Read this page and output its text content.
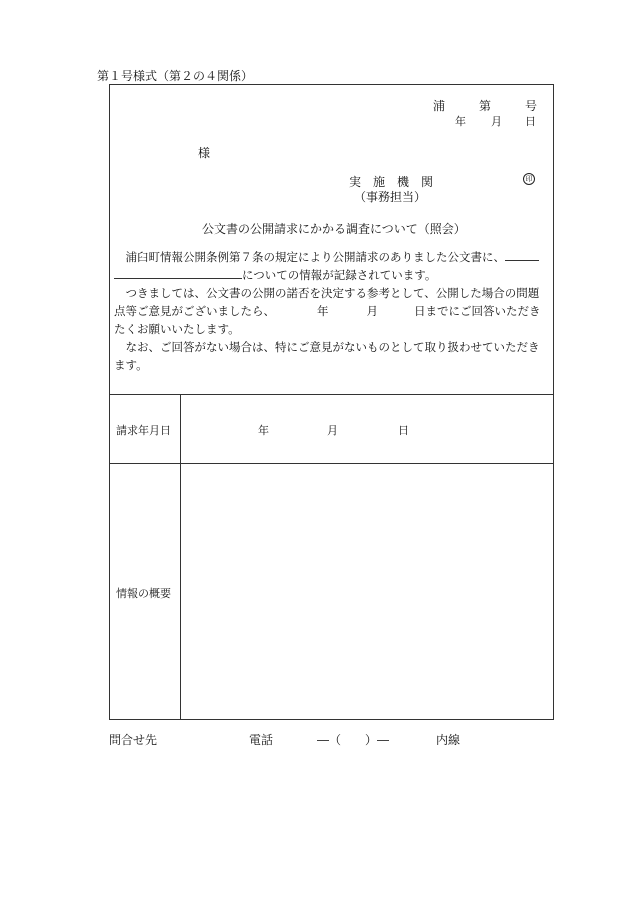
第１号様式（第２の４関係）
浦	第	号
年 月 日
様
実　施　機　関	印
（事務担当）
公文書の公開請求にかかる調査について（照会）
　浦臼町情報公開条例第７条の規定により公開請求のありました公文書に、
についての情報が記録されています。
　つきましては、公文書の公開の諾否を決定する参考として、公開した場合の問題
点等ご意見がございましたら、	年	月	日までにご回答いただき
たくお願いいたします。
　なお、ご回答がない場合は、特にご意見がないものとして取り扱わせていただき
ます。
請求年月日	年	月	日
情報の概要
問合せ先	電話	―（　　）―	内線
